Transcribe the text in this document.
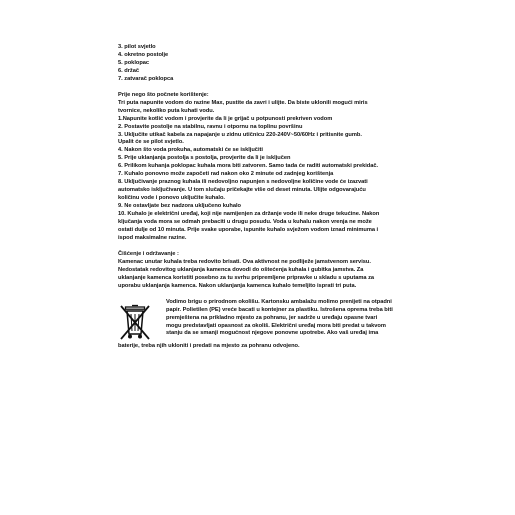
3. pilot svjetlo
4. okretno postolje
5. poklopac
6. držač
7. zatvarač poklopca
Prije nego što počnete korištenje:
Tri puta napunite vodom do razine Max, pustite da zavri i ulijte. Da biste uklonili mogući miris
tvornice, nekoliko puta kuhati vodu.
1.Napunite kotlić vodom i provjerite da li je grijač u potpunosti prekriven vodom
2. Postavite postolje na stabilnu, ravnu i otpornu na toplinu površinu
3. Uključite utikač kabela za napajanje u zidnu utičnicu 220-240V~50/60Hz i pritisnite gumb.
Upalit će se pilot svjetlo.
4. Nakon što voda prokuha, automatski će se isključiti
5. Prije uklanjanja postolja s postolja, provjerite da li je isključen
6. Prilikom kuhanja poklopac kuhala mora biti zatvoren. Samo tada će raditi automatski prekidač.
7. Kuhalo ponovno može započeti rad nakon oko 2 minute od zadnjeg korištenja
8. Uključivanje praznog kuhala ili nedovoljno napunjen s nedovoljne količine vode će izazvati
automatsko isključivanje. U tom slučaju pričekajte više od deset minuta. Ulijte odgovarajuću
količinu vode i ponovo uključite kuhalo.
9. Ne ostavljate bez nadzora uključeno kuhalo
10. Kuhalo je električni uređaj, koji nije namijenjen za držanje vode ili neke druge tekućine. Nakon
ključanja voda mora se odmah prebaciti u drugu posudu. Voda u kuhalu nakon vrenja ne može
ostati dulje od 10 minuta. Prije svake uporabe, ispunite kuhalo svježom vodom iznad minimuma i
ispod maksimalne razine.
Čišćenje i održavanje :
Kamenac unutar kuhala treba redovito brisati. Ova aktivnost ne podliježe jamstvenom servisu.
Nedostatak redovitog uklanjanja kamenca dovodi do oštećenja kuhala i gubitka jamstva. Za
uklanjanje kamenca koristiti posebno za tu svrhu pripremljene pripravke u skladu s uputama za
uporabu uklanjanja kamenca. Nakon uklanjanja kamenca kuhalo temeljito isprati tri puta.
Vodimo brigu o prirodnom okolišu. Kartonsku ambalažu molimo prenijeti na otpadni
papir. Polietilen (PE) vreće bacati u kontejner za plastiku. Istrošena oprema treba biti
premještena na prikladno mjesto za pohranu, jer sadrže u uređaju opasne tvari
mogu predstavljati opasnost za okoliš. Električni uređaj mora biti predat u takvom
stanju da se smanji mogućnost njegove ponovne upotrebe. Ako vaš uređaj ima
baterije, treba njih ukloniti i predati na mjesto za pohranu odvojeno.
